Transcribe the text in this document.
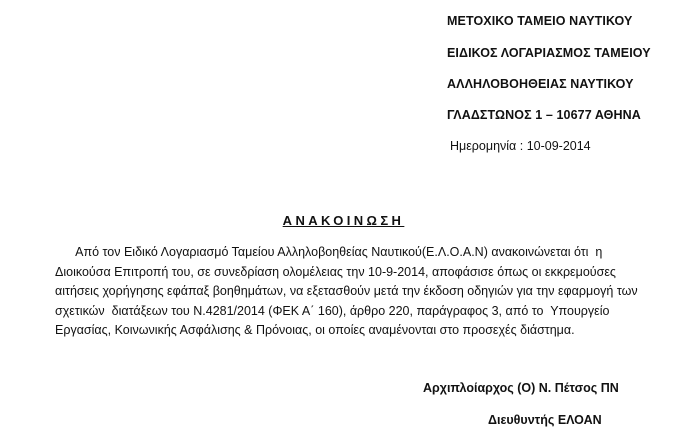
ΜΕΤΟΧΙΚΟ ΤΑΜΕΙΟ ΝΑΥΤΙΚΟΥ
ΕΙΔΙΚΟΣ ΛΟΓΑΡΙΑΣΜΟΣ ΤΑΜΕΙΟΥ
ΑΛΛΗΛΟΒΟΗΘΕΙΑΣ ΝΑΥΤΙΚΟΥ
ΓΛΑΔΣΤΩΝΟΣ 1 – 10677 ΑΘΗΝΑ
Ημερομηνία : 10-09-2014
ΑΝΑΚΟΙΝΩΣΗ
Από τον Ειδικό Λογαριασμό Ταμείου Αλληλοβοηθείας Ναυτικού(Ε.Λ.Ο.Α.Ν) ανακοινώνεται ότι  η
Διοικούσα Επιτροπή του, σε συνεδρίαση ολομέλειας την 10-9-2014, αποφάσισε όπως οι εκκρεμούσες
αιτήσεις χορήγησης εφάπαξ βοηθημάτων, να εξετασθούν μετά την έκδοση οδηγιών για την εφαρμογή των
σχετικών  διατάξεων του Ν.4281/2014 (ΦΕΚ Α΄ 160), άρθρο 220, παράγραφος 3, από το  Υπουργείο
Εργασίας, Κοινωνικής Ασφάλισης & Πρόνοιας, οι οποίες αναμένονται στο προσεχές διάστημα.
Αρχιπλοίαρχος (Ο) Ν. Πέτσος ΠΝ
Διευθυντής ΕΛΟΑΝ
